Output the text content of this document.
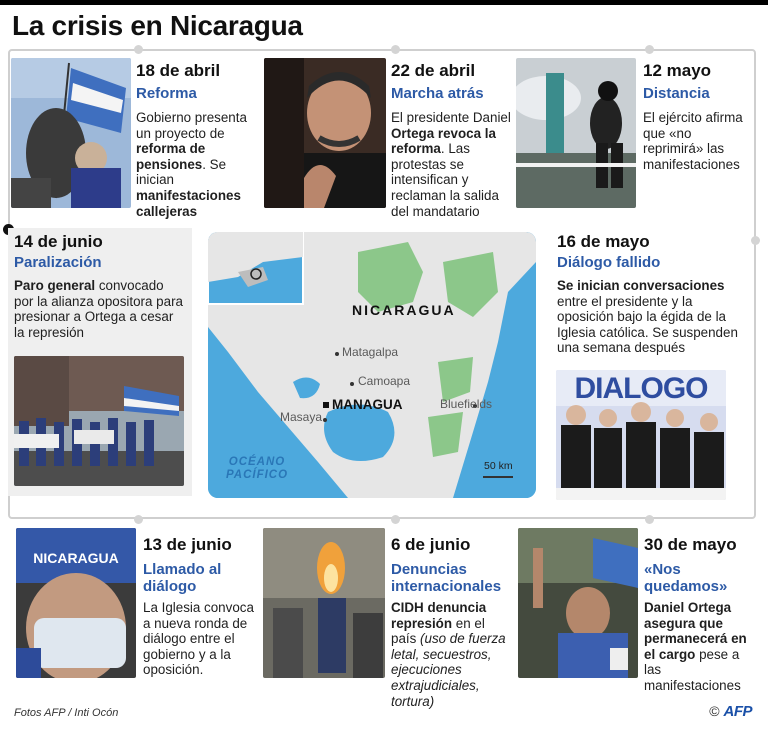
La crisis en Nicaragua
18 de abril
Reforma
Gobierno presenta un proyecto de reforma de pensiones. Se inician manifestaciones callejeras
22 de abril
Marcha atrás
El presidente Daniel Ortega revoca la reforma. Las protestas se intensifican y reclaman la salida del mandatario
12 mayo
Distancia
El ejército afirma que «no reprimirá» las manifestaciones
14 de junio
Paralización
Paro general convocado por la alianza opositora para presionar a Ortega a cesar la represión
NICARAGUA
Matagalpa
Camoapa
Bluefields
MANAGUA
Masaya
OCÉANO PACÍFICO
50 km
16 de mayo
Diálogo fallido
Se inician conversaciones entre el presidente y la oposición bajo la égida de la Iglesia católica. Se suspenden una semana después
DIALOGO
NICARAGUA
13 de junio
Llamado al diálogo
La Iglesia convoca a nueva ronda de diálogo entre el gobierno y a la oposición.
6 de junio
Denuncias internacionales
CIDH denuncia represión en el país (uso de fuerza letal, secuestros, ejecuciones extrajudiciales, tortura)
30 de mayo
«Nos quedamos»
Daniel Ortega asegura que permanecerá en el cargo pese a las manifestaciones
Fotos AFP / Inti Ocón	© AFP
